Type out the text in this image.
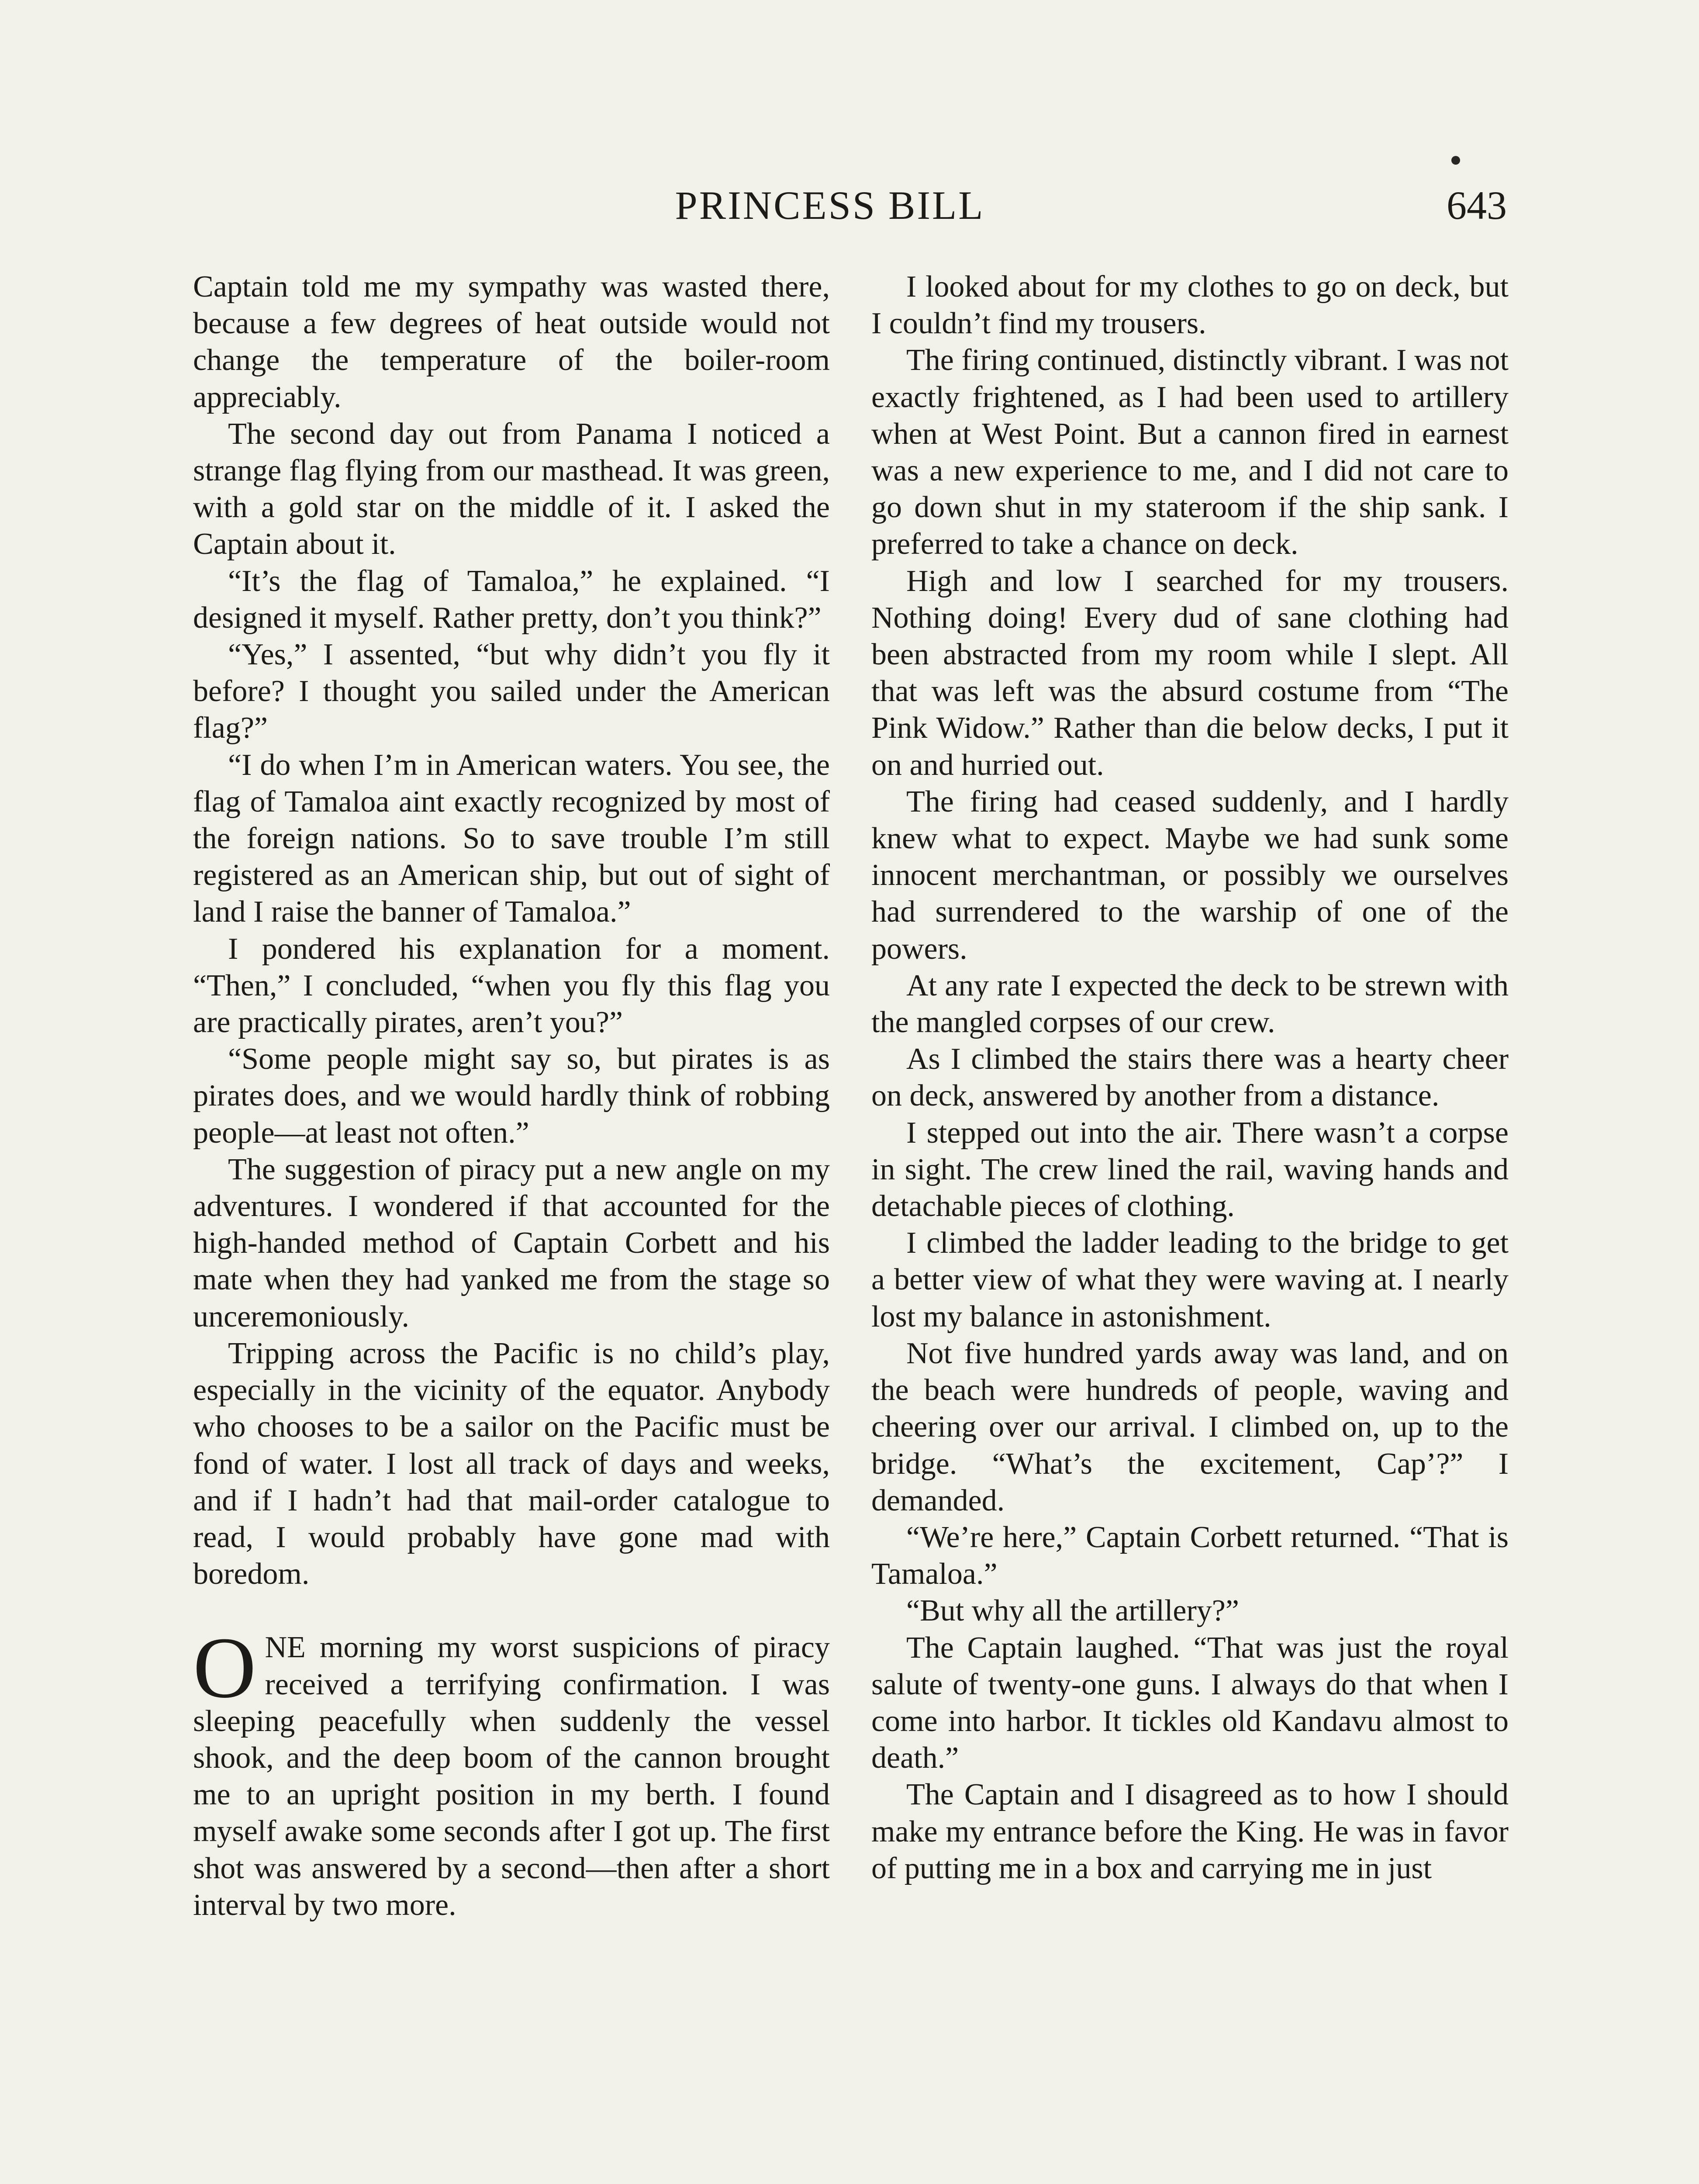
PRINCESS BILL	643

Captain told me my sympathy was wasted there, because a few degrees of heat outside would not change the temperature of the boiler-room appreciably.

The second day out from Panama I noticed a strange flag flying from our masthead. It was green, with a gold star on the middle of it. I asked the Captain about it.

“It’s the flag of Tamaloa,” he explained. “I designed it myself. Rather pretty, don’t you think?”

“Yes,” I assented, “but why didn’t you fly it before? I thought you sailed under the American flag?”

“I do when I’m in American waters. You see, the flag of Tamaloa aint exactly recognized by most of the foreign nations. So to save trouble I’m still registered as an American ship, but out of sight of land I raise the banner of Tamaloa.”

I pondered his explanation for a moment. “Then,” I concluded, “when you fly this flag you are practically pirates, aren’t you?”

“Some people might say so, but pirates is as pirates does, and we would hardly think of robbing people—at least not often.”

The suggestion of piracy put a new angle on my adventures. I wondered if that accounted for the high-handed method of Captain Corbett and his mate when they had yanked me from the stage so unceremoniously.

Tripping across the Pacific is no child’s play, especially in the vicinity of the equator. Anybody who chooses to be a sailor on the Pacific must be fond of water. I lost all track of days and weeks, and if I hadn’t had that mail-order catalogue to read, I would probably have gone mad with boredom.

ONE morning my worst suspicions of piracy received a terrifying confirmation. I was sleeping peacefully when suddenly the vessel shook, and the deep boom of the cannon brought me to an upright position in my berth. I found myself awake some seconds after I got up. The first shot was answered by a second—then after a short interval by two more.

I looked about for my clothes to go on deck, but I couldn’t find my trousers.

The firing continued, distinctly vibrant. I was not exactly frightened, as I had been used to artillery when at West Point. But a cannon fired in earnest was a new experience to me, and I did not care to go down shut in my stateroom if the ship sank. I preferred to take a chance on deck.

High and low I searched for my trousers. Nothing doing! Every dud of sane clothing had been abstracted from my room while I slept. All that was left was the absurd costume from “The Pink Widow.” Rather than die below decks, I put it on and hurried out.

The firing had ceased suddenly, and I hardly knew what to expect. Maybe we had sunk some innocent merchantman, or possibly we ourselves had surrendered to the warship of one of the powers.

At any rate I expected the deck to be strewn with the mangled corpses of our crew.

As I climbed the stairs there was a hearty cheer on deck, answered by another from a distance.

I stepped out into the air. There wasn’t a corpse in sight. The crew lined the rail, waving hands and detachable pieces of clothing.

I climbed the ladder leading to the bridge to get a better view of what they were waving at. I nearly lost my balance in astonishment.

Not five hundred yards away was land, and on the beach were hundreds of people, waving and cheering over our arrival. I climbed on, up to the bridge. “What’s the excitement, Cap’?” I demanded.

“We’re here,” Captain Corbett returned. “That is Tamaloa.”

“But why all the artillery?”

The Captain laughed. “That was just the royal salute of twenty-one guns. I always do that when I come into harbor. It tickles old Kandavu almost to death.”

The Captain and I disagreed as to how I should make my entrance before the King. He was in favor of putting me in a box and carrying me in just
